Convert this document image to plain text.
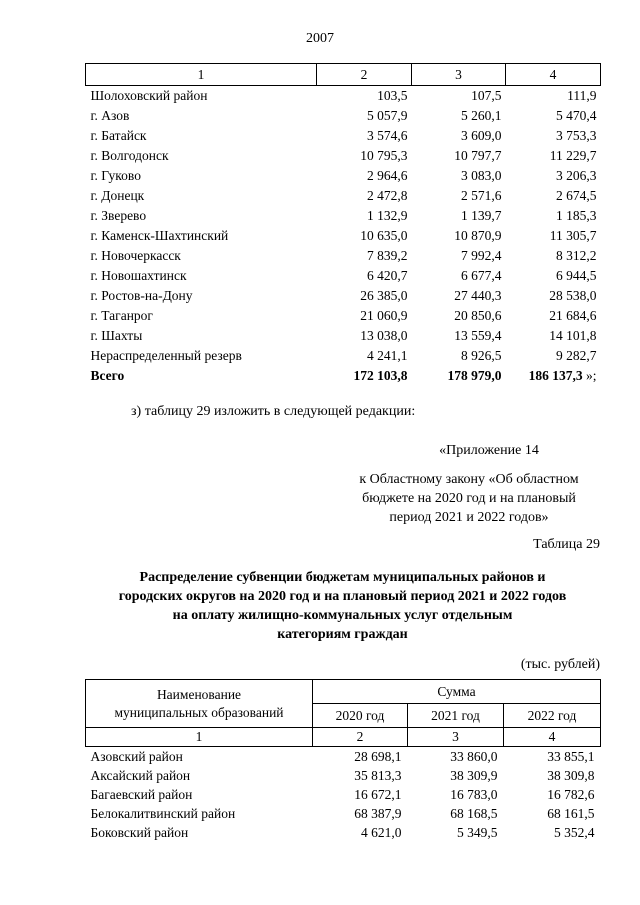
2007
1	2	3	4
Шолоховский район	103,5	107,5	111,9
г. Азов	5 057,9	5 260,1	5 470,4
г. Батайск	3 574,6	3 609,0	3 753,3
г. Волгодонск	10 795,3	10 797,7	11 229,7
г. Гуково	2 964,6	3 083,0	3 206,3
г. Донецк	2 472,8	2 571,6	2 674,5
г. Зверево	1 132,9	1 139,7	1 185,3
г. Каменск-Шахтинский	10 635,0	10 870,9	11 305,7
г. Новочеркасск	7 839,2	7 992,4	8 312,2
г. Новошахтинск	6 420,7	6 677,4	6 944,5
г. Ростов-на-Дону	26 385,0	27 440,3	28 538,0
г. Таганрог	21 060,9	20 850,6	21 684,6
г. Шахты	13 038,0	13 559,4	14 101,8
Нераспределенный резерв	4 241,1	8 926,5	9 282,7
Всего	172 103,8	178 979,0	186 137,3 »;
з) таблицу 29 изложить в следующей редакции:
«Приложение 14
к Областному закону «Об областном
бюджете на 2020 год и на плановый
период 2021 и 2022 годов»
Таблица 29
Распределение субвенции бюджетам муниципальных районов и
городских округов на 2020 год и на плановый период 2021 и 2022 годов
на оплату жилищно-коммунальных услуг отдельным
категориям граждан
(тыс. рублей)
Наименование
муниципальных образований	Сумма		
	2020 год	2021 год	2022 год
1	2	3	4
Азовский район	28 698,1	33 860,0	33 855,1
Аксайский район	35 813,3	38 309,9	38 309,8
Багаевский район	16 672,1	16 783,0	16 782,6
Белокалитвинский район	68 387,9	68 168,5	68 161,5
Боковский район	4 621,0	5 349,5	5 352,4
